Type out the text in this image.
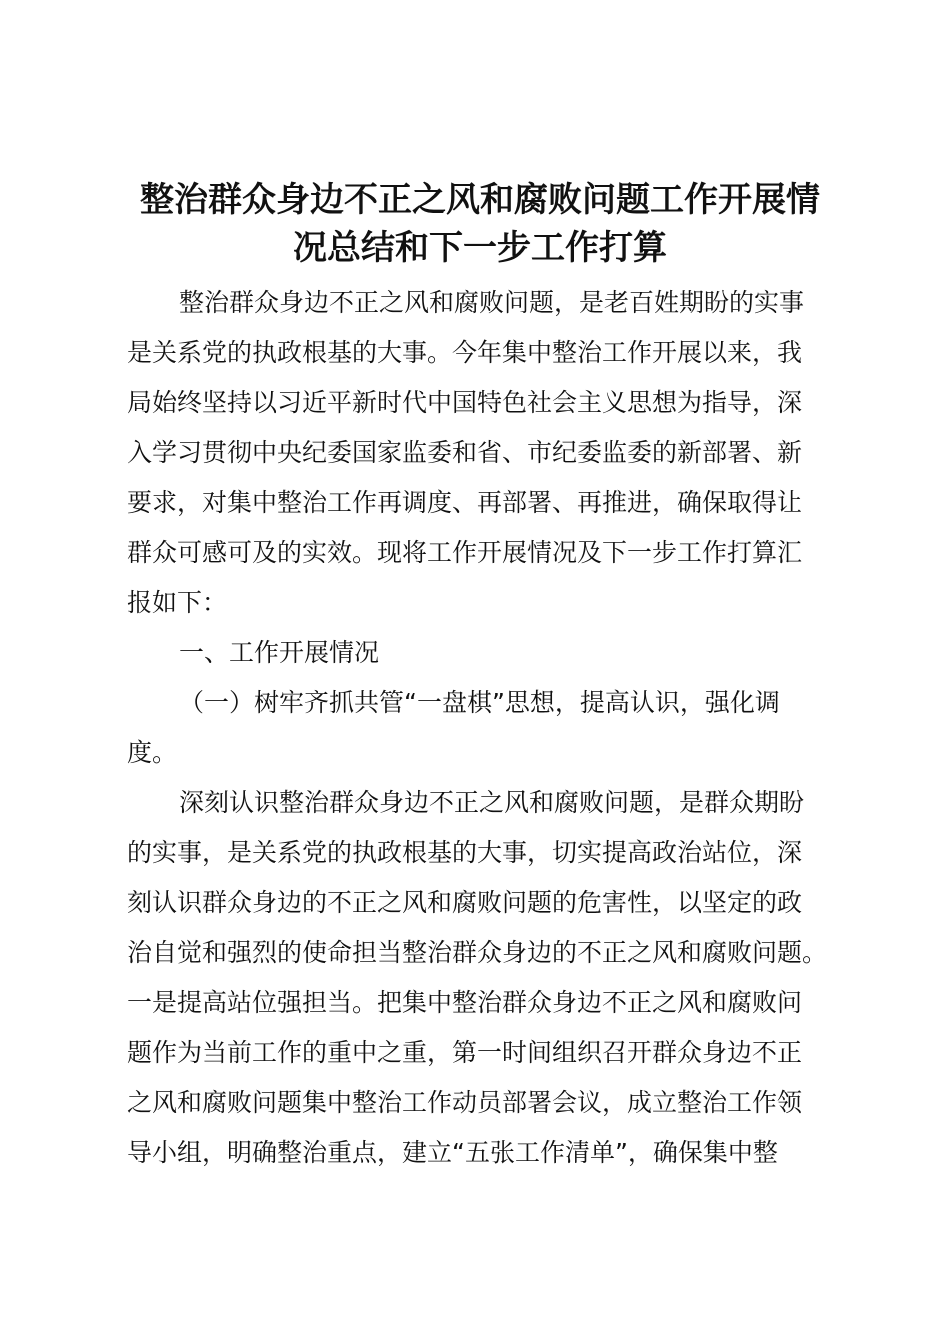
整治群众身边不正之风和腐败问题工作开展情
况总结和下一步工作打算
整治群众身边不正之风和腐败问题，是老百姓期盼的实事
是关系党的执政根基的大事。今年集中整治工作开展以来，我
局始终坚持以习近平新时代中国特色社会主义思想为指导，深
入学习贯彻中央纪委国家监委和省、市纪委监委的新部署、新
要求，对集中整治工作再调度、再部署、再推进，确保取得让
群众可感可及的实效。现将工作开展情况及下一步工作打算汇
报如下：
一、工作开展情况
（一）树牢齐抓共管“一盘棋”思想，提高认识，强化调
度。
深刻认识整治群众身边不正之风和腐败问题，是群众期盼
的实事，是关系党的执政根基的大事，切实提高政治站位，深
刻认识群众身边的不正之风和腐败问题的危害性，以坚定的政
治自觉和强烈的使命担当整治群众身边的不正之风和腐败问题。
一是提高站位强担当。把集中整治群众身边不正之风和腐败问
题作为当前工作的重中之重，第一时间组织召开群众身边不正
之风和腐败问题集中整治工作动员部署会议，成立整治工作领
导小组，明确整治重点，建立“五张工作清单”，确保集中整
